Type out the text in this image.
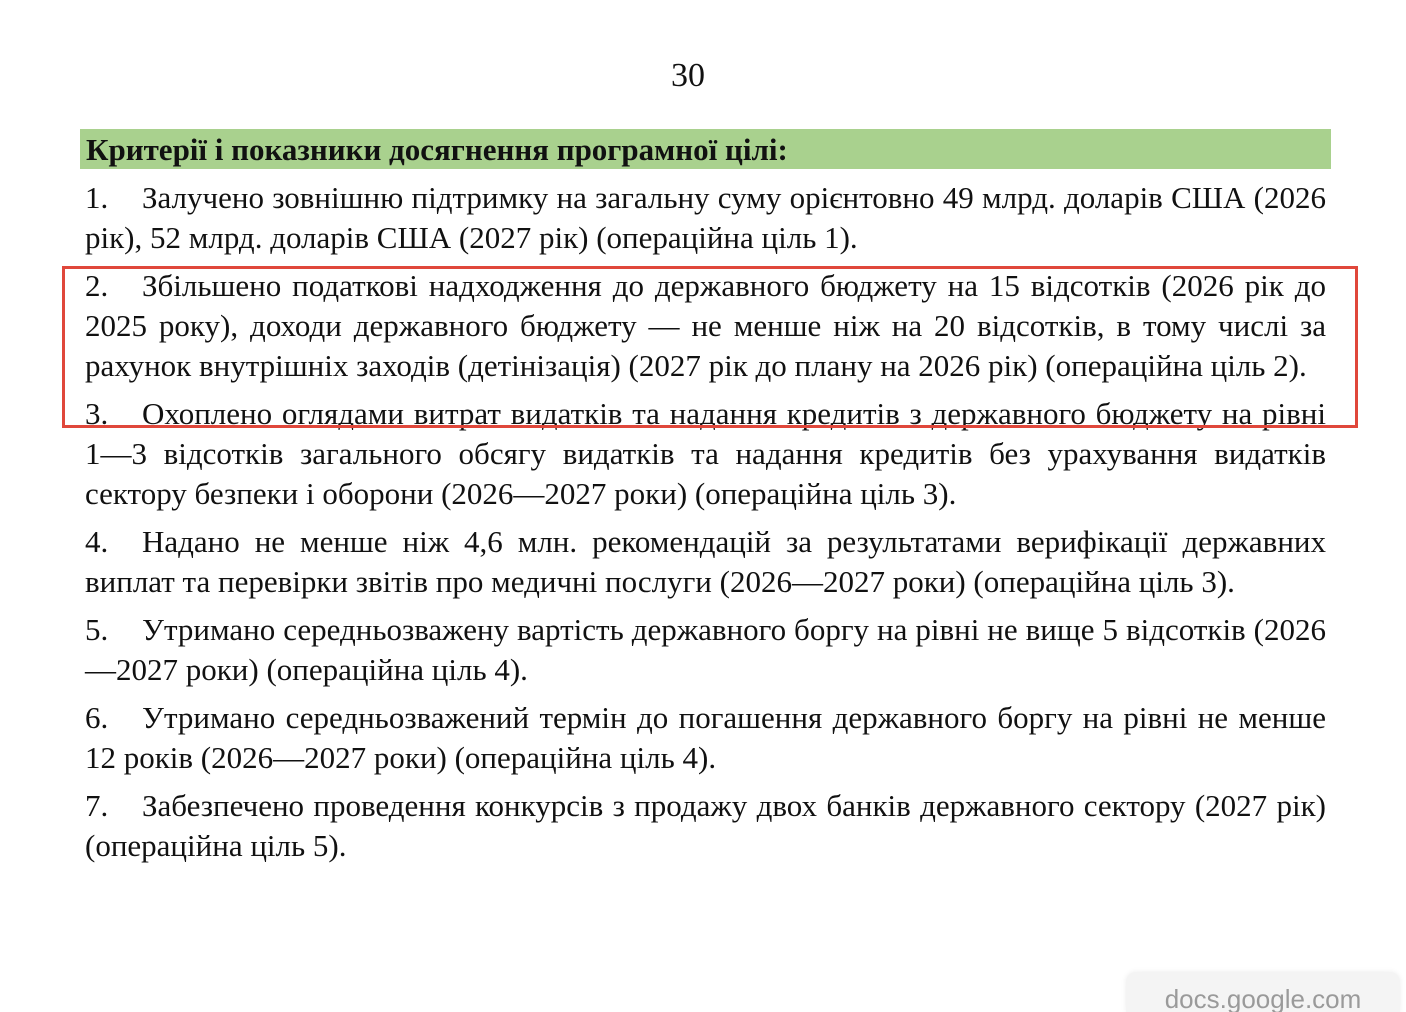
30
Критерії і показники досягнення програмної цілі:
1. Залучено зовнішню підтримку на загальну суму орієнтовно 49 млрд. доларів США (2026 рік), 52 млрд. доларів США (2027 рік) (операційна ціль 1).
2. Збільшено податкові надходження до державного бюджету на 15 відсотків (2026 рік до 2025 року), доходи державного бюджету — не менше ніж на 20 відсотків, в тому числі за рахунок внутрішніх заходів (детінізація) (2027 рік до плану на 2026 рік) (операційна ціль 2).
3. Охоплено оглядами витрат видатків та надання кредитів з державного бюджету на рівні 1—3 відсотків загального обсягу видатків та надання кредитів без урахування видатків сектору безпеки і оборони (2026—2027 роки) (операційна ціль 3).
4. Надано не менше ніж 4,6 млн. рекомендацій за результатами верифікації державних виплат та перевірки звітів про медичні послуги (2026—2027 роки) (операційна ціль 3).
5. Утримано середньозважену вартість державного боргу на рівні не вище 5 відсотків (2026—2027 роки) (операційна ціль 4).
6. Утримано середньозважений термін до погашення державного боргу на рівні не менше 12 років (2026—2027 роки) (операційна ціль 4).
7. Забезпечено проведення конкурсів з продажу двох банків державного сектору (2027 рік) (операційна ціль 5).
docs.google.com
